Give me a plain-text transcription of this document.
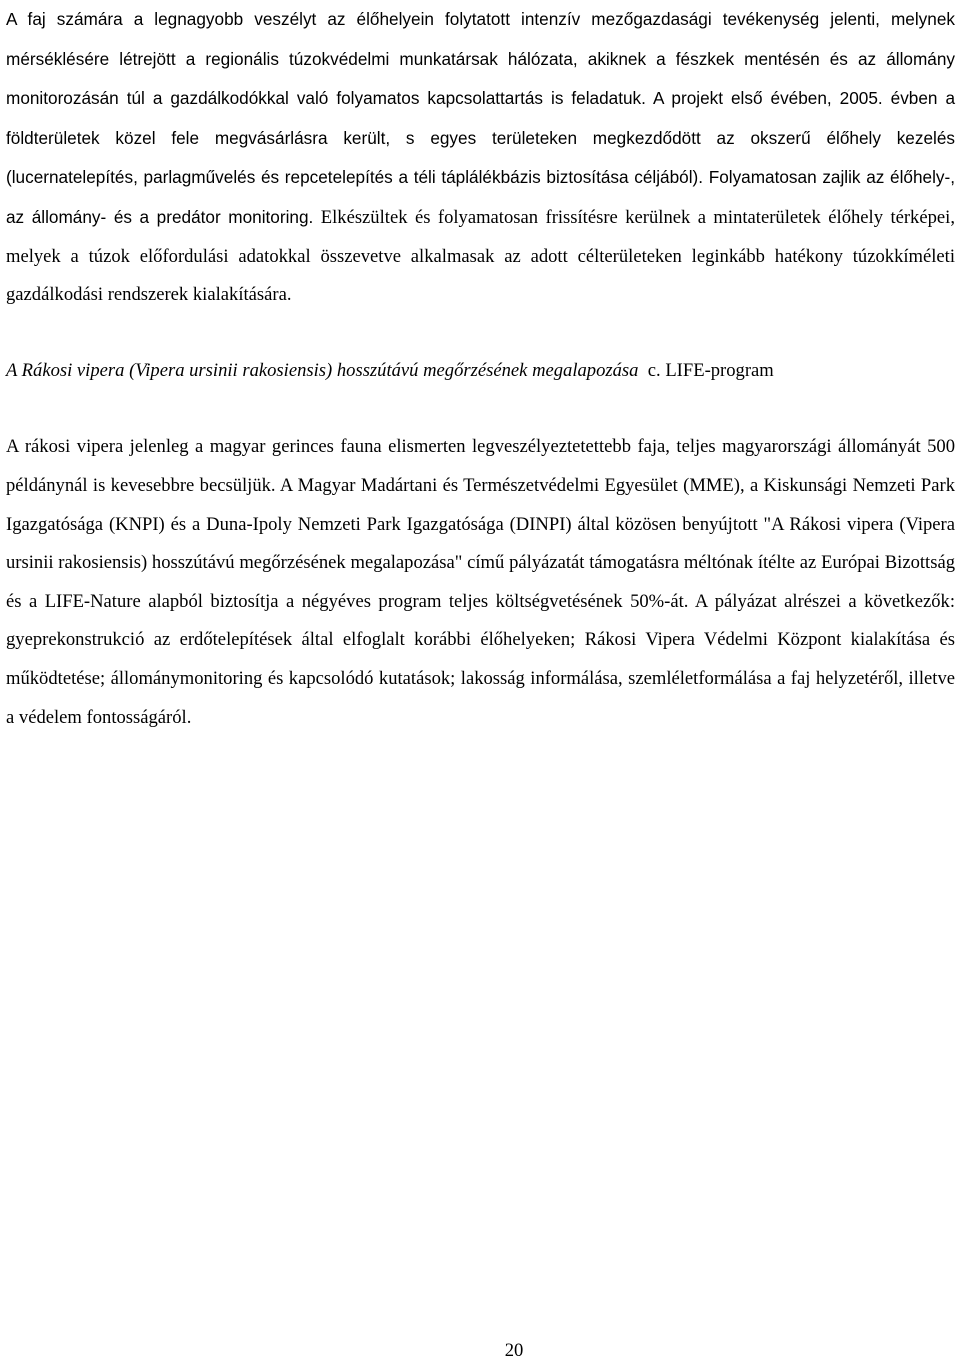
A faj számára a legnagyobb veszélyt az élőhelyein folytatott intenzív mezőgazdasági tevékenység jelenti, melynek mérséklésére létrejött a regionális túzokvédelmi munkatársak hálózata, akiknek a fészkek mentésén és az állomány monitorozásán túl a gazdálkodókkal való folyamatos kapcsolattartás is feladatuk. A projekt első évében, 2005. évben a földterületek közel fele megvásárlásra került, s egyes területeken megkezdődött az okszerű élőhely kezelés (lucernatelepítés, parlagművelés és repcetelepítés a téli táplálékbázis biztosítása céljából). Folyamatosan zajlik az élőhely-, az állomány- és a predátor monitoring. Elkészültek és folyamatosan frissítésre kerülnek a mintaterületek élőhely térképei, melyek a túzok előfordulási adatokkal összevetve alkalmasak az adott célterületeken leginkább hatékony túzokkíméleti gazdálkodási rendszerek kialakítására.

A Rákosi vipera (Vipera ursinii rakosiensis) hosszútávú megőrzésének megalapozása c. LIFE-program

A rákosi vipera jelenleg a magyar gerinces fauna elismerten legveszélyeztetettebb faja, teljes magyarországi állományát 500 példánynál is kevesebbre becsüljük. A Magyar Madártani és Természetvédelmi Egyesület (MME), a Kiskunsági Nemzeti Park Igazgatósága (KNPI) és a Duna-Ipoly Nemzeti Park Igazgatósága (DINPI) által közösen benyújtott "A Rákosi vipera (Vipera ursinii rakosiensis) hosszútávú megőrzésének megalapozása" című pályázatát támogatásra méltónak ítélte az Európai Bizottság és a LIFE-Nature alapból biztosítja a négyéves program teljes költségvetésének 50%-át. A pályázat alrészei a következők: gyeprekonstrukció az erdőtelepítések által elfoglalt korábbi élőhelyeken; Rákosi Vipera Védelmi Központ kialakítása és működtetése; állománymonitoring és kapcsolódó kutatások; lakosság informálása, szemléletformálása a faj helyzetéről, illetve a védelem fontosságáról.

20
